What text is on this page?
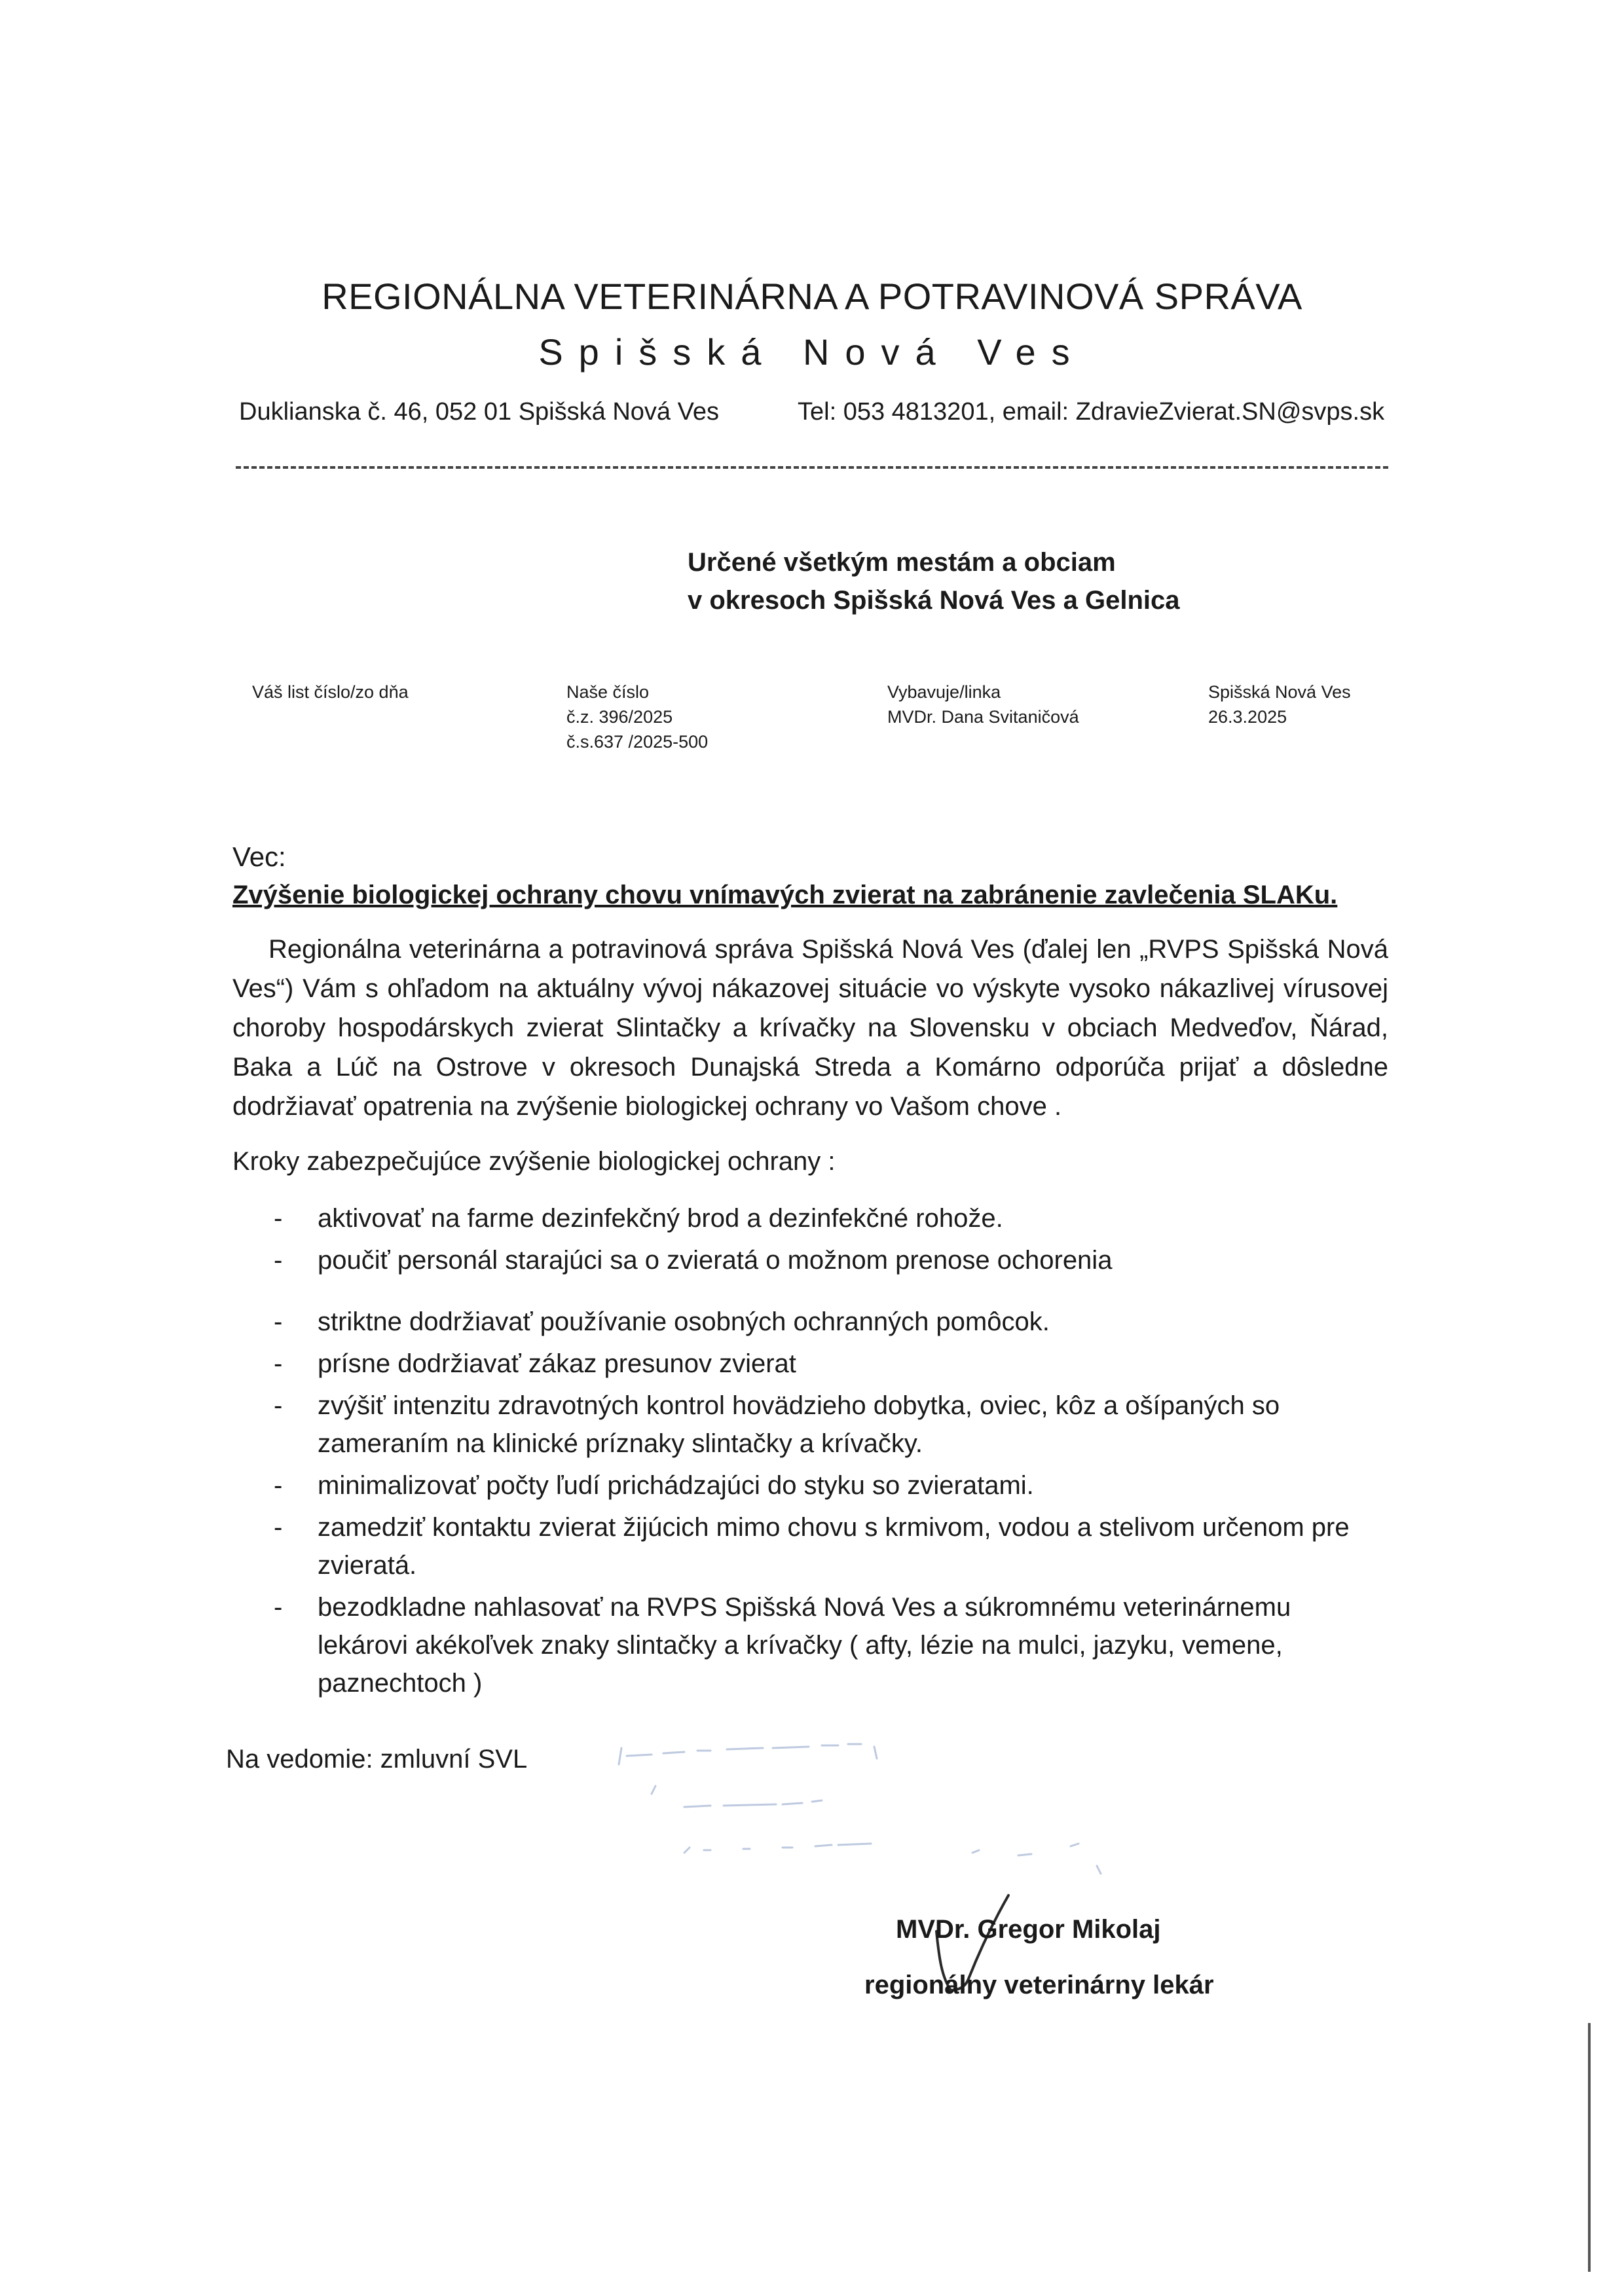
REGIONÁLNA VETERINÁRNA A POTRAVINOVÁ SPRÁVA
Spišská Nová Ves
Duklianska č. 46, 052 01 Spišská Nová Ves	Tel: 053 4813201, email: ZdravieZvierat.SN@svps.sk
Určené všetkým mestám a obciam
v okresoch Spišská Nová Ves a Gelnica
Váš list číslo/zo dňa	Naše číslo
č.z. 396/2025
č.s.637 /2025-500
Vybavuje/linka
MVDr. Dana Svitaničová
Spišská Nová Ves
26.3.2025
Vec:
Zvýšenie biologickej ochrany chovu vnímavých zvierat na zabránenie zavlečenia SLAKu.

Regionálna veterinárna a potravinová správa Spišská Nová Ves (ďalej len „RVPS Spišská Nová Ves“) Vám s ohľadom na aktuálny vývoj nákazovej situácie vo výskyte vysoko nákazlivej vírusovej choroby hospodárskych zvierat Slintačky a krívačky na Slovensku v obciach Medveďov, Ňárad, Baka a Lúč na Ostrove v okresoch Dunajská Streda a Komárno odporúča prijať a dôsledne dodržiavať opatrenia na zvýšenie biologickej ochrany vo Vašom chove .

Kroky zabezpečujúce zvýšenie biologickej ochrany :
- aktivovať na farme dezinfekčný brod a dezinfekčné rohože.
- poučiť personál starajúci sa o zvieratá o možnom prenose ochorenia
- striktne dodržiavať používanie osobných ochranných pomôcok.
- prísne dodržiavať zákaz presunov zvierat
- zvýšiť intenzitu zdravotných kontrol hovädzieho dobytka, oviec, kôz a ošípaných so zameraním na klinické príznaky slintačky a krívačky.
- minimalizovať počty ľudí prichádzajúci do styku so zvieratami.
- zamedziť kontaktu zvierat žijúcich mimo chovu s krmivom, vodou a stelivom určenom pre zvieratá.
- bezodkladne nahlasovať na RVPS Spišská Nová Ves a súkromnému veterinárnemu lekárovi akékoľvek znaky slintačky a krívačky ( afty, lézie na mulci, jazyku, vemene, paznechtoch )
Na vedomie: zmluvní SVL
MVDr. Gregor Mikolaj
regionálny veterinárny lekár
